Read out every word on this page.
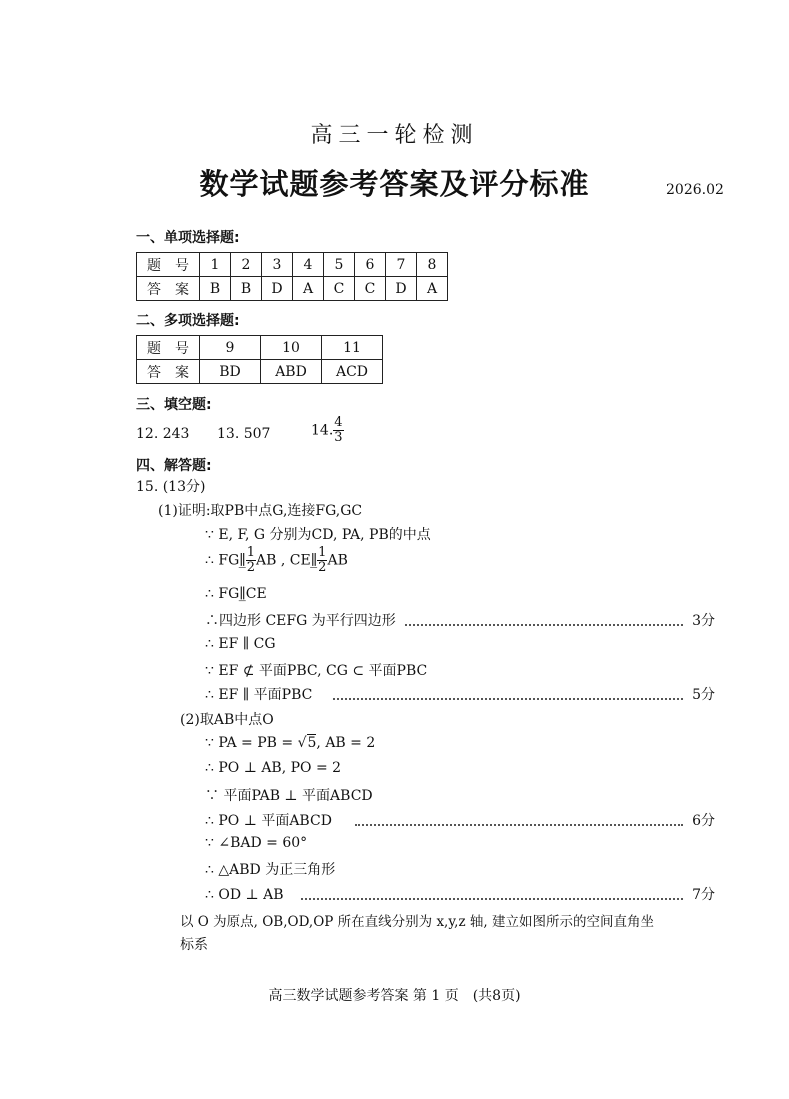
高三一轮检测
数学试题参考答案及评分标准	2026.02
一、单项选择题:
题　号	1	2	3	4	5	6	7	8
答　案	B	B	D	A	C	C	D	A
二、多项选择题:
题　号	9	10	11
答　案	BD	ABD	ACD
三、填空题:
12. 243 13. 507	14. $\frac{4}{3}$
四、解答题:
15. (13分)
(1)证明:取PB中点G,连接FG,GC
∵ E, F, G 分别为CD, PA, PB的中点
∴ FG∥̲ $\frac{1}{2}$ AB , CE∥̲ $\frac{1}{2}$ AB
∴ FG∥̲CE
∴四边形 CEFG 为平行四边形	3分
∴ EF ∥ CG
∵ EF ⊄ 平面PBC, CG ⊂ 平面PBC
∴ EF ∥ 平面PBC	5分
(2)取AB中点O
∵ PA = PB = √5, AB = 2
∴ PO ⊥ AB, PO = 2
∵ 平面PAB ⊥ 平面ABCD
∴ PO ⊥ 平面ABCD	6分
∵ ∠BAD = 60°
∴ △ABD 为正三角形
∴ OD ⊥ AB	7分
以 O 为原点, OB,OD,OP 所在直线分别为 x,y,z 轴, 建立如图所示的空间直角坐
标系
高三数学试题参考答案 第 1 页　(共8页)
